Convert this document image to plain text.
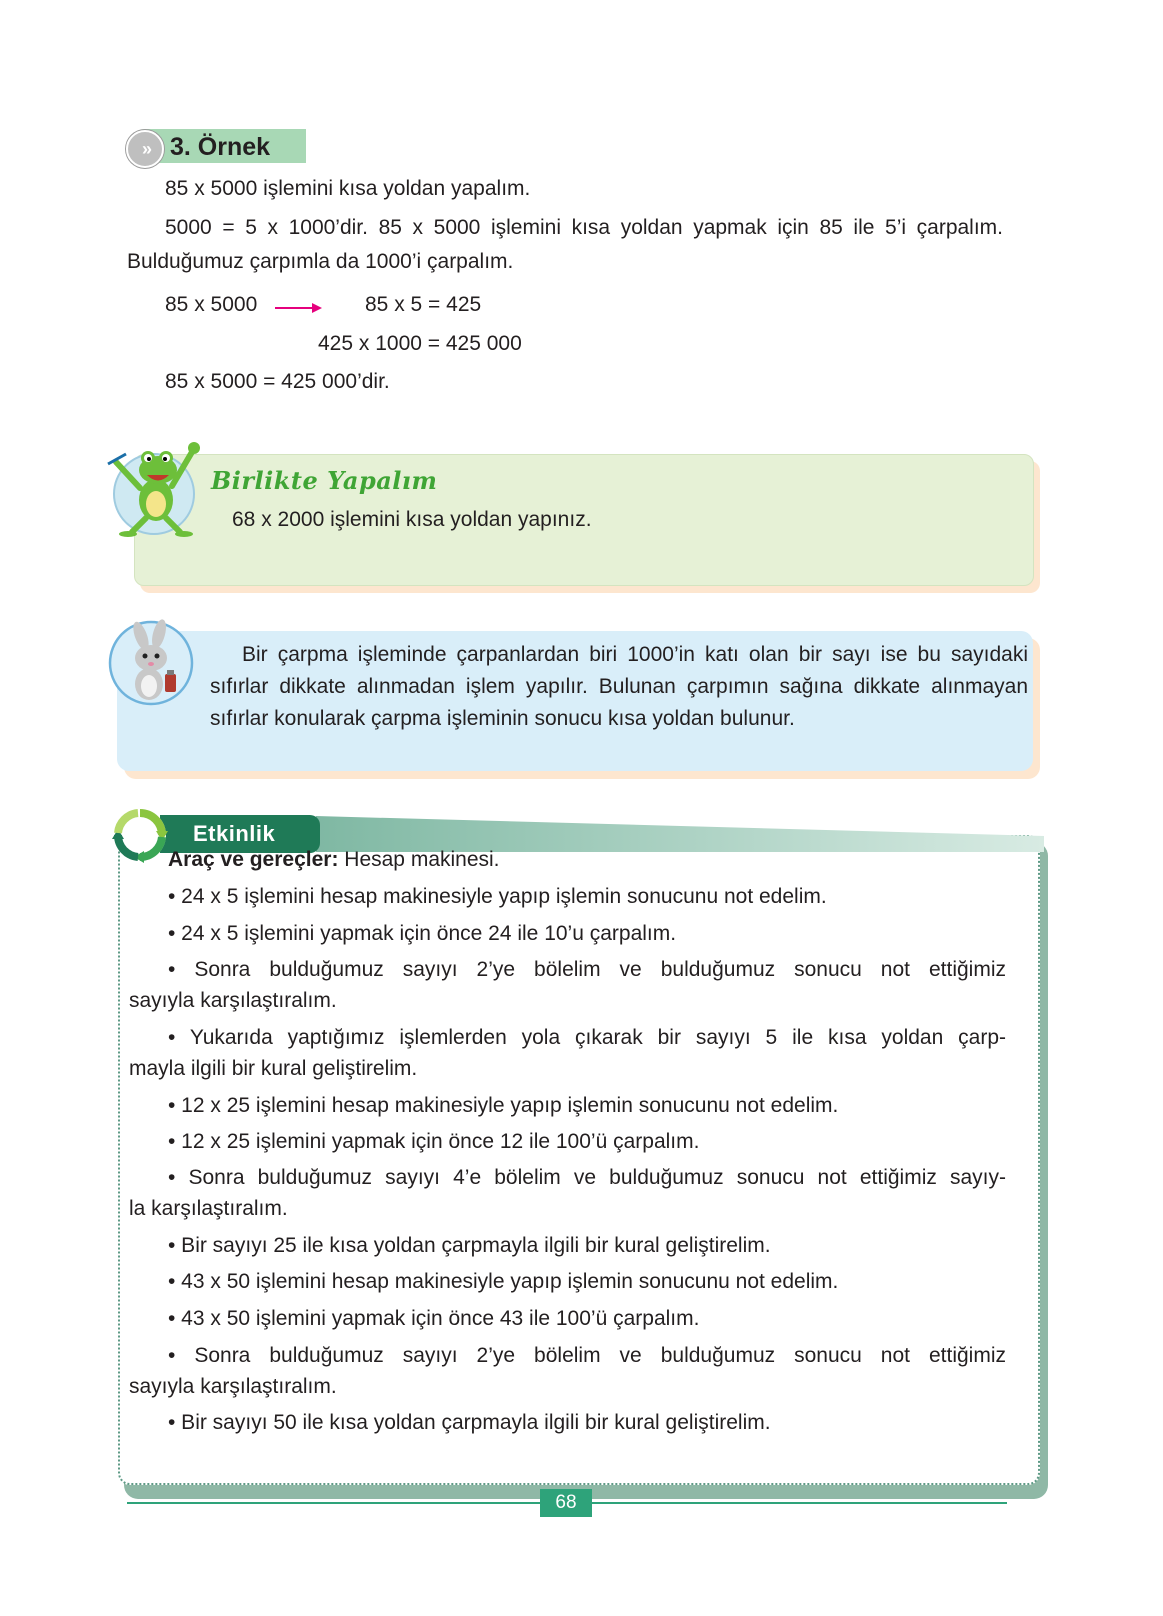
» 3. Örnek
85 x 5000 işlemini kısa yoldan yapalım.
5000 = 5 x 1000’dir. 85 x 5000 işlemini kısa yoldan yapmak için 85 ile 5’i çarpalım.
Bulduğumuz çarpımla da 1000’i çarpalım.
85 x 5000	85 x 5 = 425
425 x 1000 = 425 000
85 x 5000 = 425 000’dir.
Birlikte Yapalım
68 x 2000 işlemini kısa yoldan yapınız.
Bir çarpma işleminde çarpanlardan biri 1000’in katı olan bir sayı ise bu sayıdaki sıfırlar dikkate alınmadan işlem yapılır. Bulunan çarpımın sağına dikkate alınmayan sıfırlar konularak çarpma işleminin sonucu kısa yoldan bulunur.
Etkinlik
Araç ve gereçler: Hesap makinesi.
• 24 x 5 işlemini hesap makinesiyle yapıp işlemin sonucunu not edelim.
• 24 x 5 işlemini yapmak için önce 24 ile 10’u çarpalım.
• Sonra bulduğumuz sayıyı 2’ye bölelim ve bulduğumuz sonucu not ettiğimiz
sayıyla karşılaştıralım.
• Yukarıda yaptığımız işlemlerden yola çıkarak bir sayıyı 5 ile kısa yoldan çarp-
mayla ilgili bir kural geliştirelim.
• 12 x 25 işlemini hesap makinesiyle yapıp işlemin sonucunu not edelim.
• 12 x 25 işlemini yapmak için önce 12 ile 100’ü çarpalım.
• Sonra bulduğumuz sayıyı 4’e bölelim ve bulduğumuz sonucu not ettiğimiz sayıy-
la karşılaştıralım.
• Bir sayıyı 25 ile kısa yoldan çarpmayla ilgili bir kural geliştirelim.
• 43 x 50 işlemini hesap makinesiyle yapıp işlemin sonucunu not edelim.
• 43 x 50 işlemini yapmak için önce 43 ile 100’ü çarpalım.
• Sonra bulduğumuz sayıyı 2’ye bölelim ve bulduğumuz sonucu not ettiğimiz
sayıyla karşılaştıralım.
• Bir sayıyı 50 ile kısa yoldan çarpmayla ilgili bir kural geliştirelim.
68
